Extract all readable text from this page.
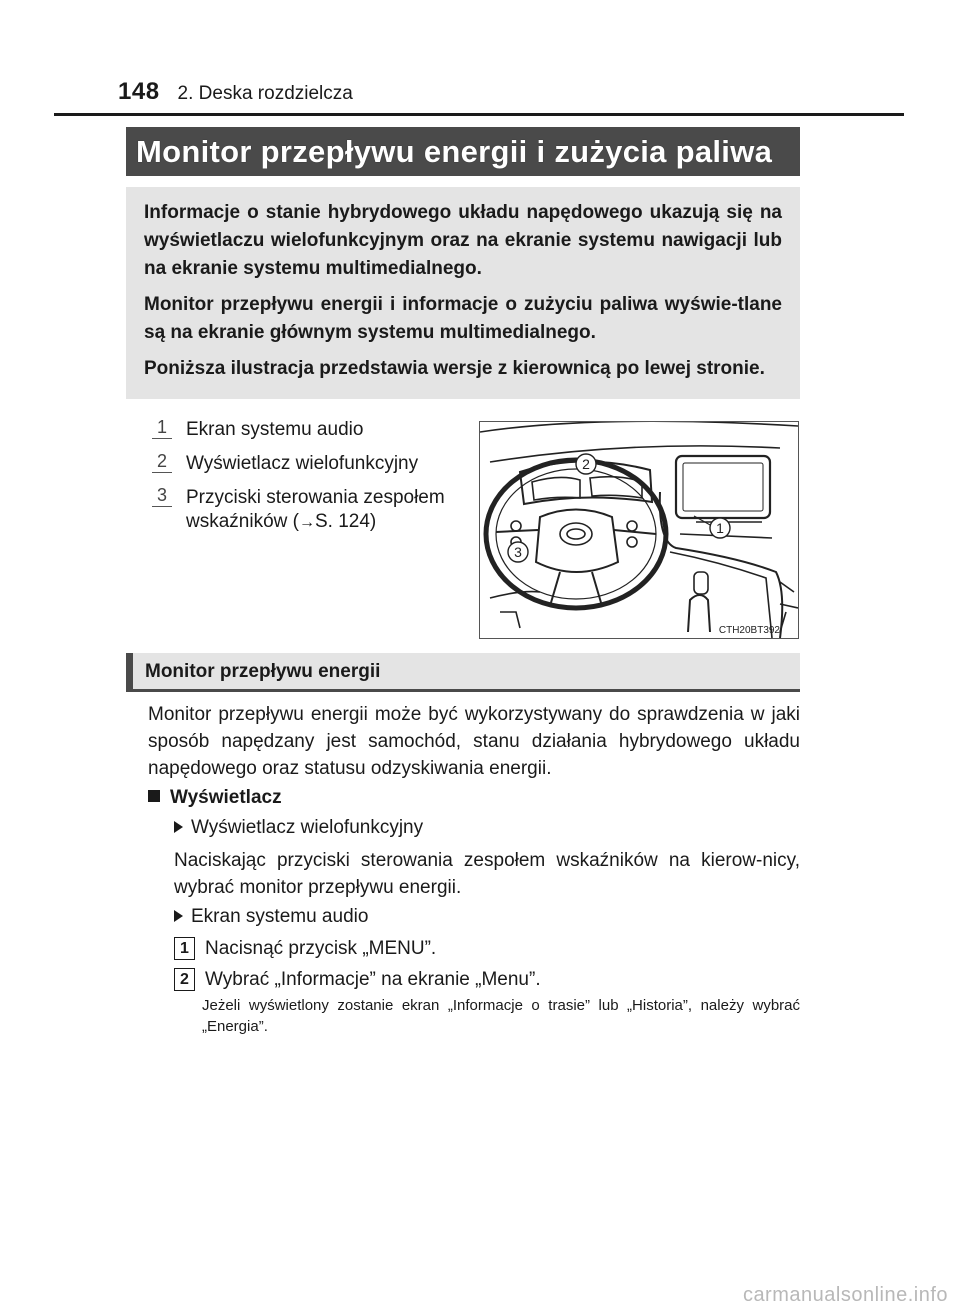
148 2. Deska rozdzielcza
Monitor przepływu energii i zużycia paliwa

Informacje o stanie hybrydowego układu napędowego ukazują się na wyświetlaczu wielofunkcyjnym oraz na ekranie systemu nawigacji lub na ekranie systemu multimedialnego.

Monitor przepływu energii i informacje o zużyciu paliwa wyświe-tlane są na ekranie głównym systemu multimedialnego.

Poniższa ilustracja przedstawia wersje z kierownicą po lewej stronie.

1 Ekran systemu audio
2 Wyświetlacz wielofunkcyjny
3 Przyciski sterowania zespołem wskaźników (→S. 124)
2
1
3
CTH20BT392
Monitor przepływu energii
Monitor przepływu energii może być wykorzystywany do sprawdzenia w jaki sposób napędzany jest samochód, stanu działania hybrydowego układu napędowego oraz statusu odzyskiwania energii.
Wyświetlacz
Wyświetlacz wielofunkcyjny
Naciskając przyciski sterowania zespołem wskaźników na kierow-nicy, wybrać monitor przepływu energii.
Ekran systemu audio
1 Nacisnąć przycisk „MENU”.
2 Wybrać „Informacje” na ekranie „Menu”.

Jeżeli wyświetlony zostanie ekran „Informacje o trasie” lub „Historia”, należy wybrać „Energia”.

carmanualsonline.info
